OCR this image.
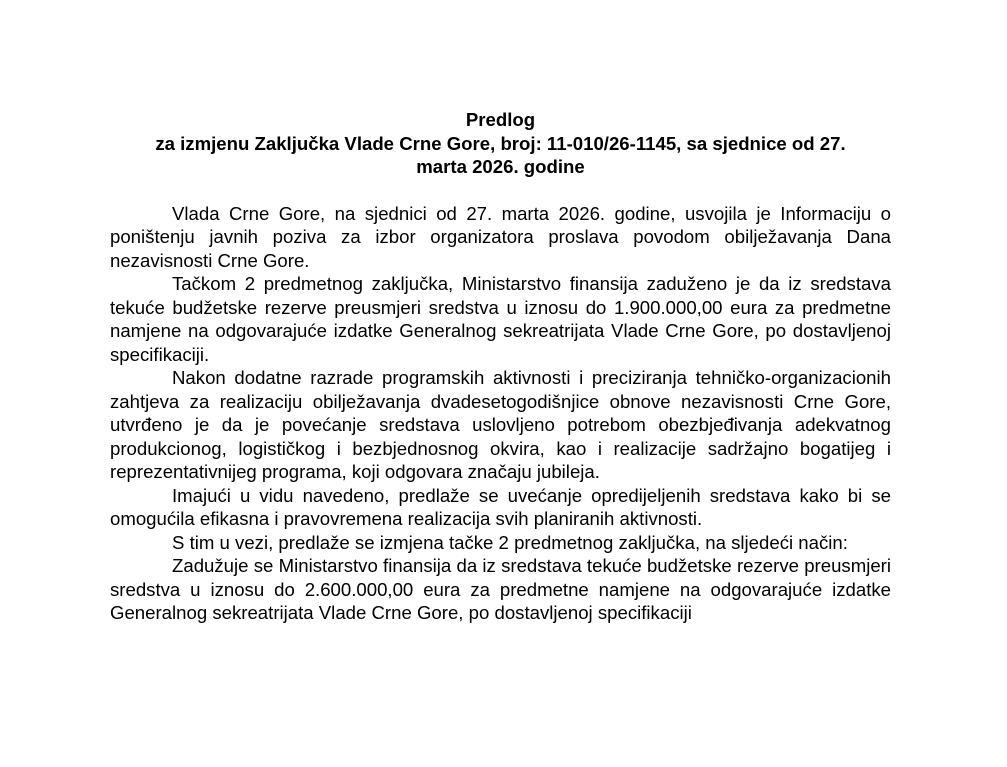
Predlog
za izmjenu Zaključka Vlade Crne Gore, broj: 11-010/26-1145, sa sjednice od 27.
marta 2026. godine

Vlada Crne Gore, na sjednici od 27. marta 2026. godine, usvojila je Informaciju o poništenju javnih poziva za izbor organizatora proslava povodom obilježavanja Dana nezavisnosti Crne Gore.

Tačkom 2 predmetnog zaključka, Ministarstvo finansija zaduženo je da iz sredstava tekuće budžetske rezerve preusmjeri sredstva u iznosu do 1.900.000,00 eura za predmetne namjene na odgovarajuće izdatke Generalnog sekreatrijata Vlade Crne Gore, po dostavljenoj specifikaciji.

Nakon dodatne razrade programskih aktivnosti i preciziranja tehničko-organizacionih zahtjeva za realizaciju obilježavanja dvadesetogodišnjice obnove nezavisnosti Crne Gore, utvrđeno je da je povećanje sredstava uslovljeno potrebom obezbjeđivanja adekvatnog produkcionog, logističkog i bezbjednosnog okvira, kao i realizacije sadržajno bogatijeg i reprezentativnijeg programa, koji odgovara značaju jubileja.

Imajući u vidu navedeno, predlaže se uvećanje opredijeljenih sredstava kako bi se omogućila efikasna i pravovremena realizacija svih planiranih aktivnosti.

S tim u vezi, predlaže se izmjena tačke 2 predmetnog zaključka, na sljedeći način:

Zadužuje se Ministarstvo finansija da iz sredstava tekuće budžetske rezerve preusmjeri sredstva u iznosu do 2.600.000,00 eura za predmetne namjene na odgovarajuće izdatke Generalnog sekreatrijata Vlade Crne Gore, po dostavljenoj specifikaciji
